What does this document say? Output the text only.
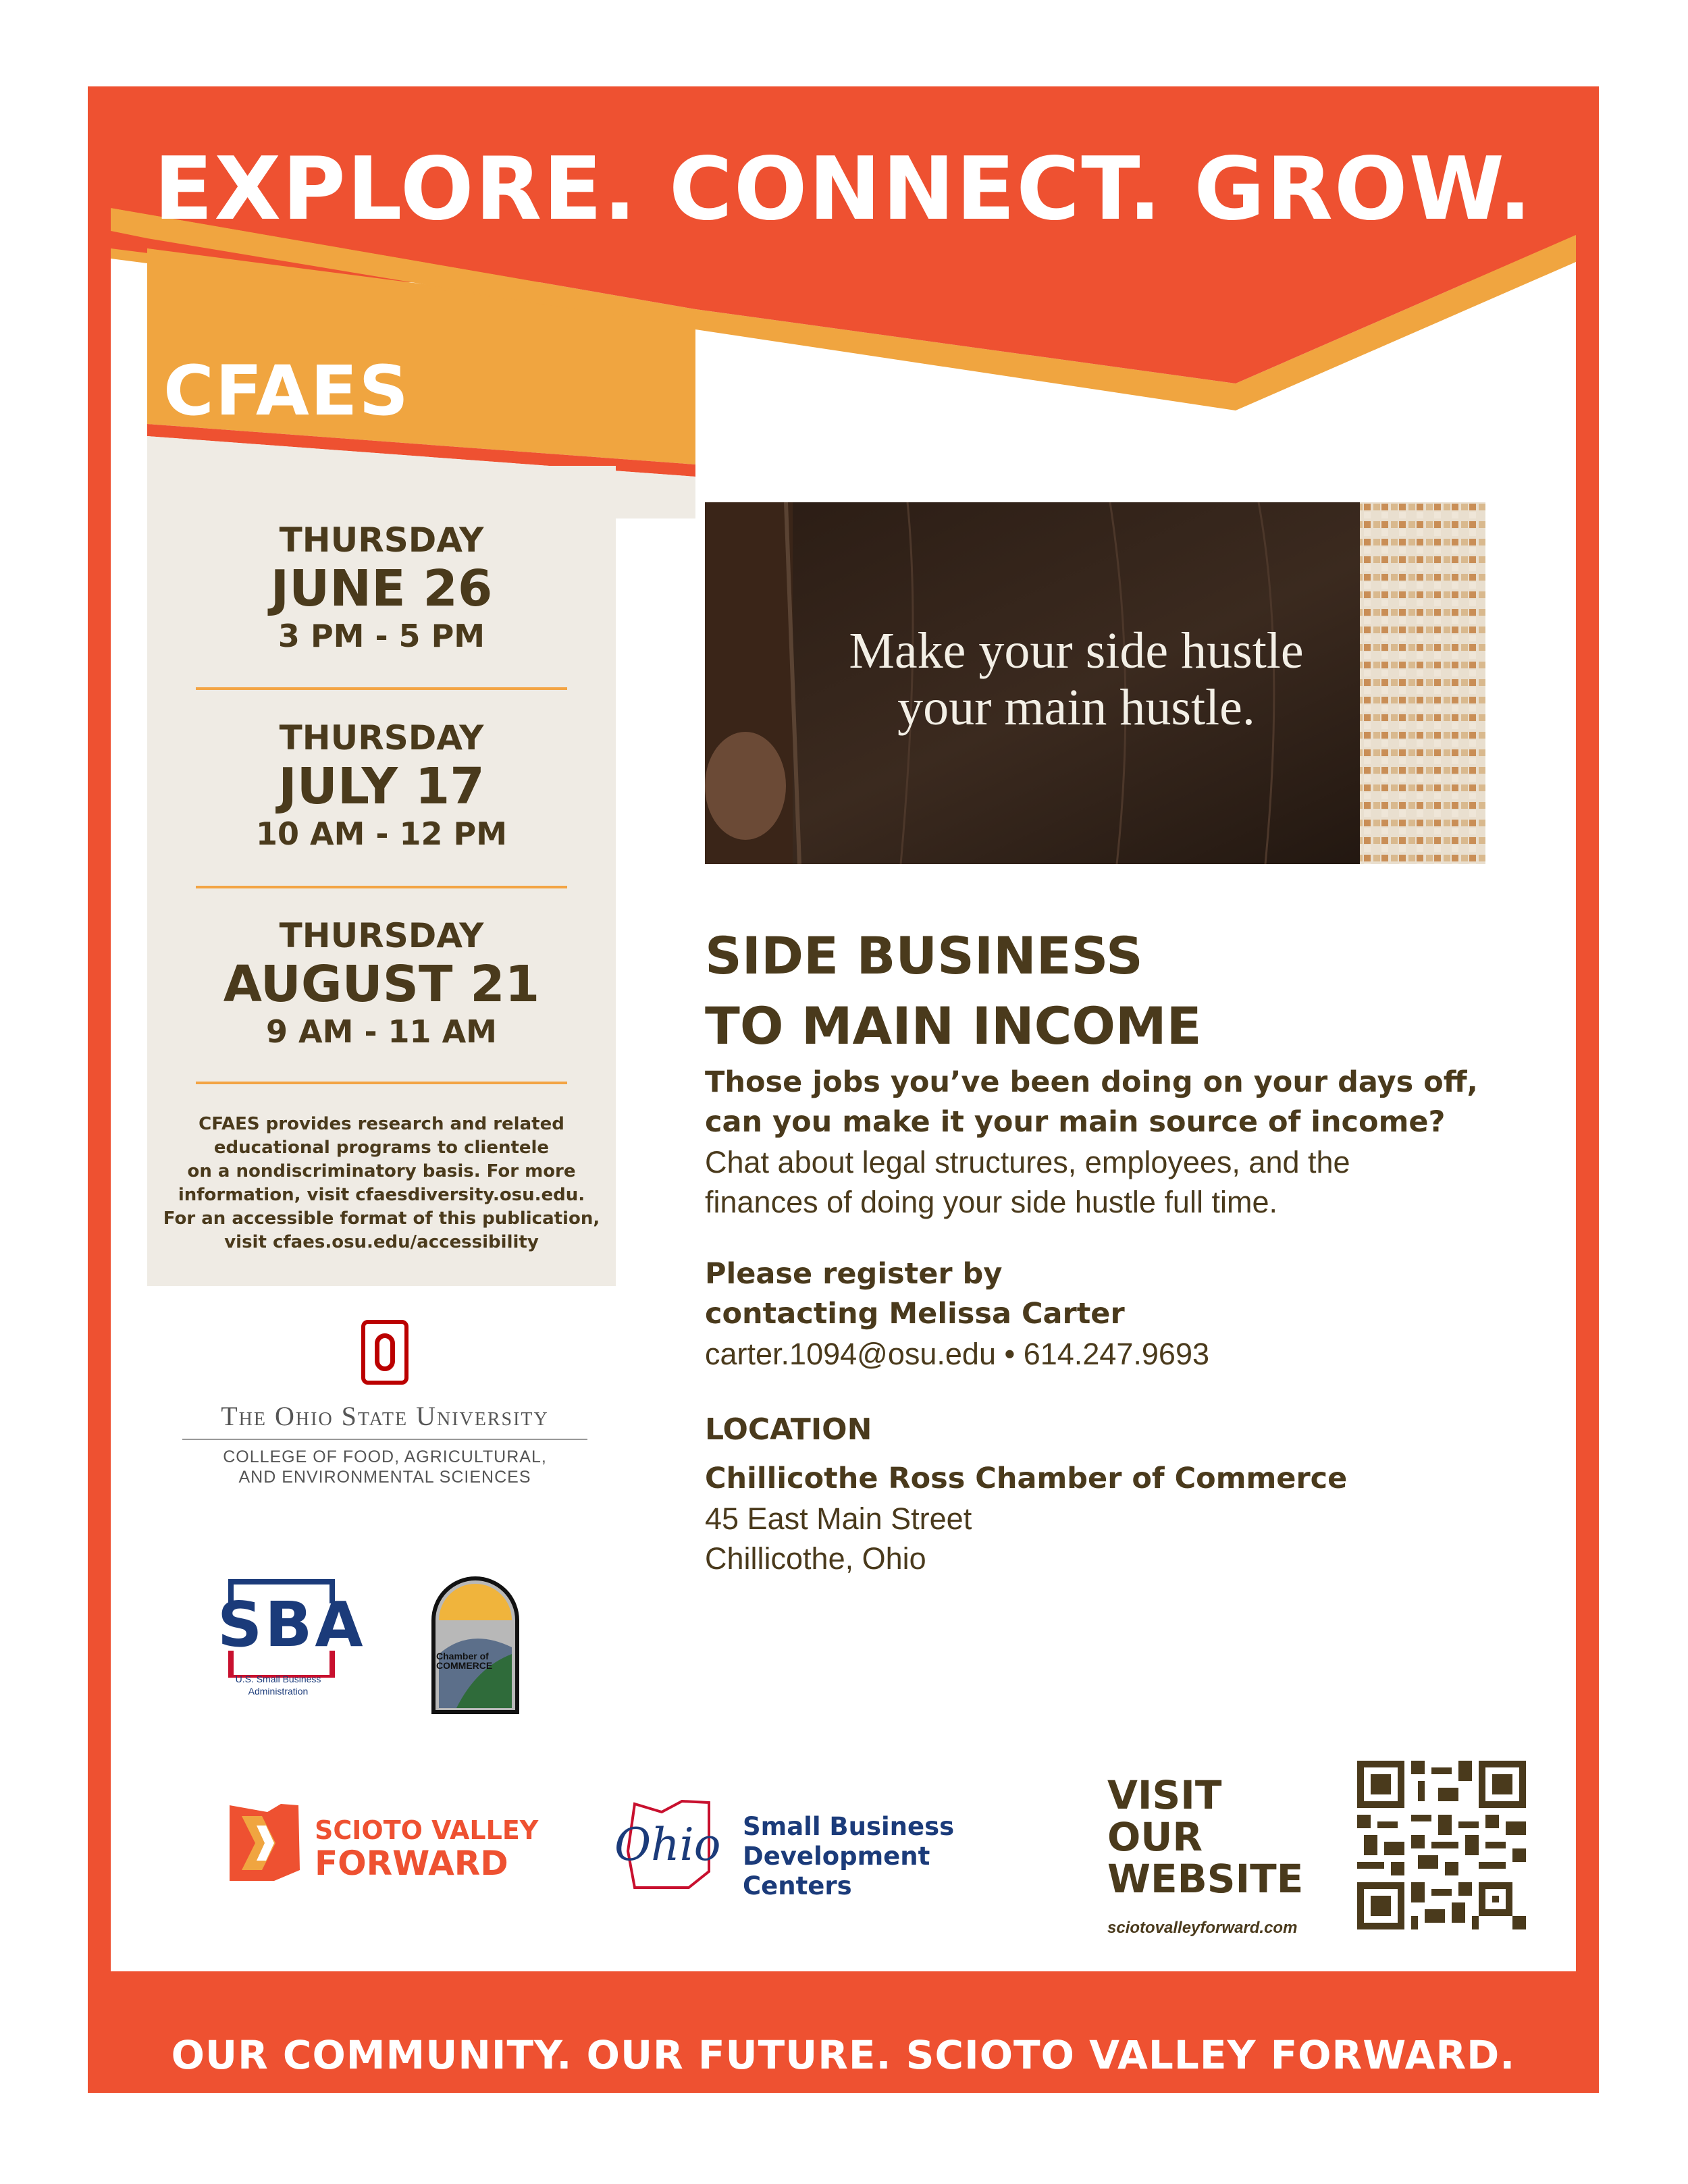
EXPLORE. CONNECT. GROW.
OUR COMMUNITY. OUR FUTURE. SCIOTO VALLEY FORWARD.
CFAES
THURSDAY
JUNE 26
3 PM - 5 PM
THURSDAY
JULY 17
10 AM - 12 PM
THURSDAY
AUGUST 21
9 AM - 11 AM
CFAES provides research and related
educational programs to clientele
on a nondiscriminatory basis. For more
information, visit cfaesdiversity.osu.edu.
For an accessible format of this publication,
visit cfaes.osu.edu/accessibility
The Ohio State University
COLLEGE OF FOOD, AGRICULTURAL,
AND ENVIRONMENTAL SCIENCES
SBA
U.S. Small Business
Administration
Chamber of
COMMERCE
SCIOTO VALLEY
FORWARD	Ohio Small Business
Development Centers
VISIT OUR
WEBSITE
sciotovalleyforward.com
Make your side hustle
your main hustle.
SIDE BUSINESS
TO MAIN INCOME
Those jobs you’ve been doing on your days off,
can you make it your main source of income?
Chat about legal structures, employees, and the
finances of doing your side hustle full time.
Please register by
contacting Melissa Carter
carter.1094@osu.edu • 614.247.9693
LOCATION
Chillicothe Ross Chamber of Commerce
45 East Main Street
Chillicothe, Ohio
